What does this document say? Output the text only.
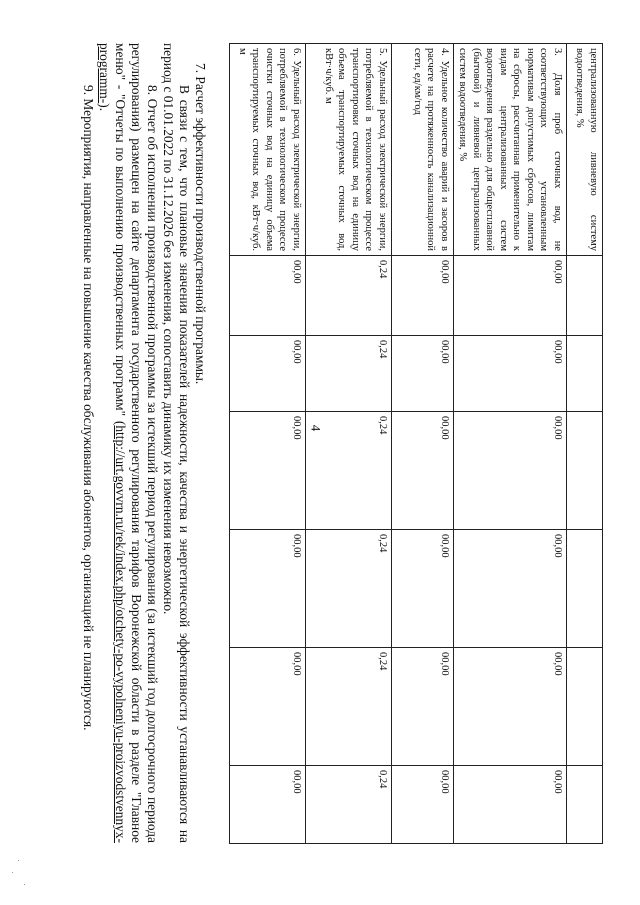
4
централизованную ливневую систему водоотведения, %						
3. Доля проб сточных вод, не соответствующих установленным нормативам допустимых сбросов, лимитам на сбросы, рассчитанная применительно к видам централизованных систем водоотведения раздельно для общесплавной (бытовой) и ливневой централизованных систем водоотведения, %	00,00	00,00	00,00	00,00	00,00	00,00
4. Удельное количество аварий и засоров в расчете на протяженность канализационной сети, ед/км/год	00,00	00,00	00,00	00,00	00,00	00,00
5. Удельный расход электрической энергии, потребляемой в технологическом процессе транспортировки сточных вод на единицу объема транспортируемых сточных вод, кВт·ч/куб. м	0,24	0,24	0,24	0,24	0,24	0,24
6. Удельный расход электрической энергии, потребляемой в технологическом процессе очистки сточных вод на единицу объема транспортируемых сточных вод, кВт·ч/куб. м	00,00	00,00	00,00	00,00	00,00	00,00

7. Расчет эффективности производственной программы.

В связи с тем, что плановые значения показателей надежности, качества и энергетической эффективности устанавливаются на период с 01.01.2022 по 31.12.2026 без изменения, сопоставить динамику их изменения невозможно.

8. Отчет об исполнении производственной программы за истекший период регулирования (за истекший год долгосрочного периода регулирования) размещен на сайте департамента государственного регулирования тарифов Воронежской области в разделе "Главное меню" - "Отчеты по выполнению производственных программ" (http://urt.govvrn.ru/rek/index.php/otchety-po-vypolneniyu-proizvodstvennyx-programm-).

9. Мероприятия, направленные на повышение качества обслуживания абонентов, организацией не планируются.
